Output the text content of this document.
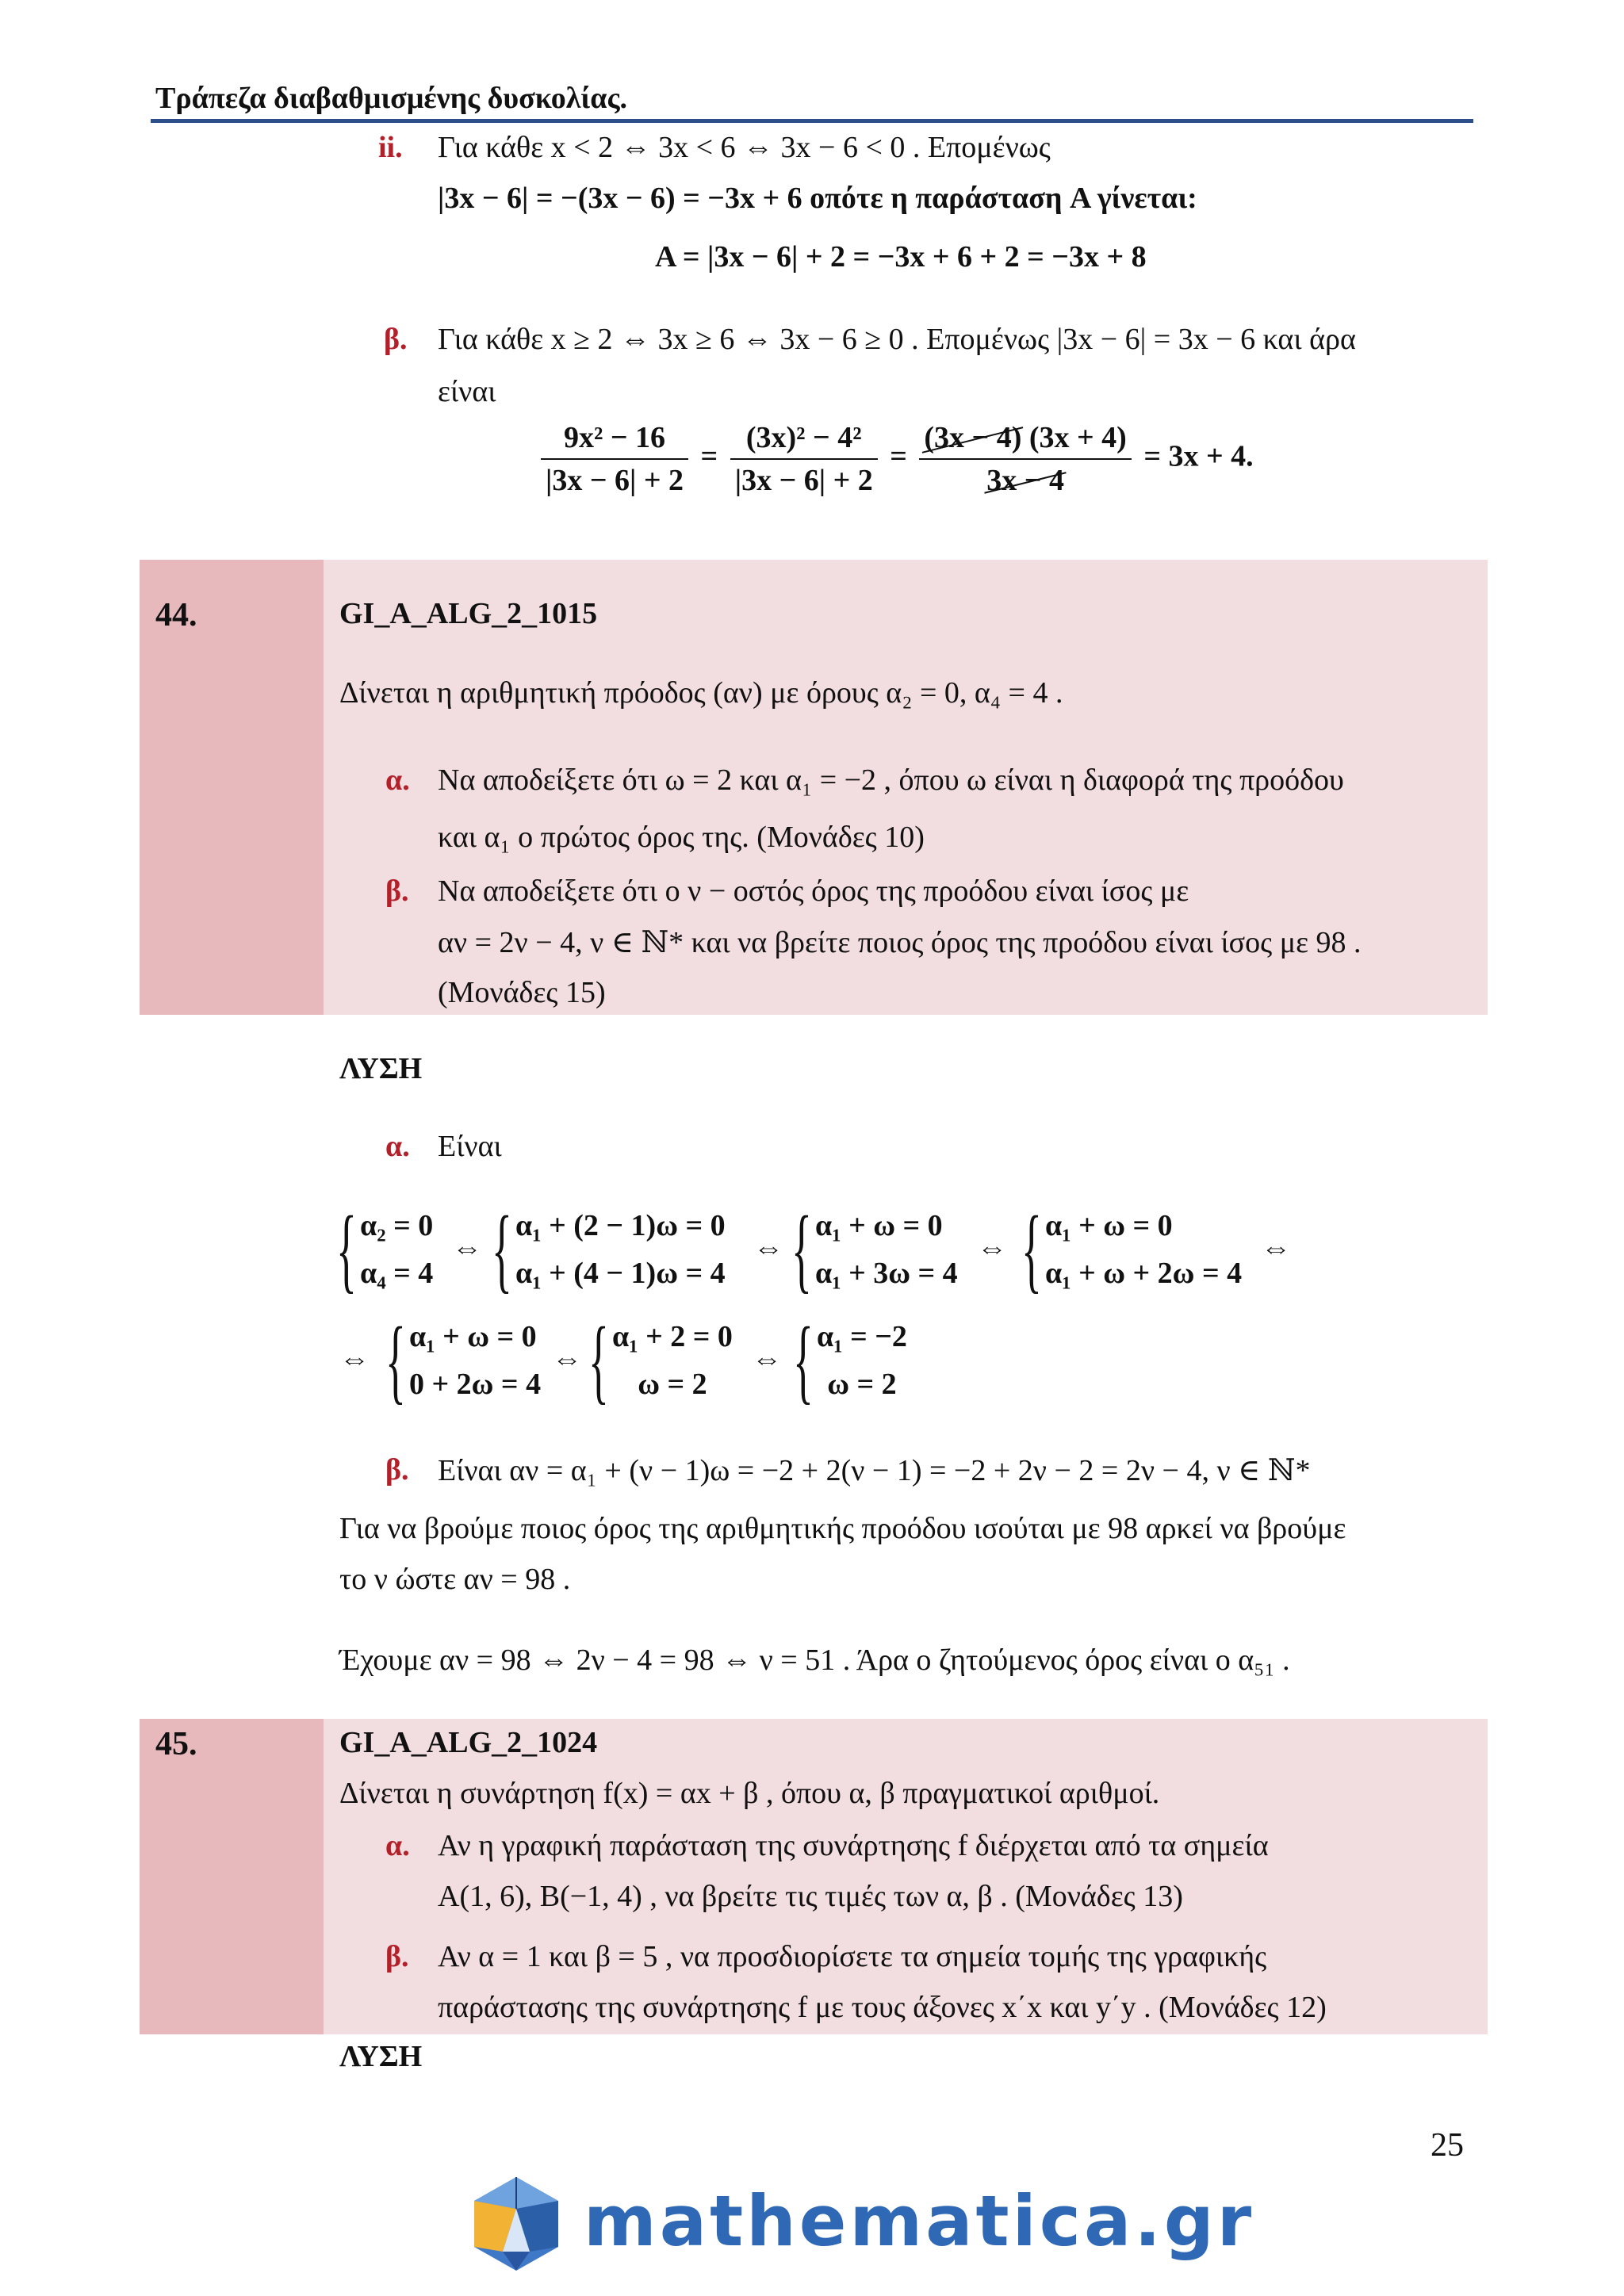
Τράπεζα διαβαθμισμένης δυσκολίας.
ii. Για κάθε x < 2 ⇔ 3x < 6 ⇔ 3x − 6 < 0 . Επομένως
|3x − 6| = −(3x − 6) = −3x + 6 οπότε η παράσταση A γίνεται:
A = |3x − 6| + 2 = −3x + 6 + 2 = −3x + 8
β. Για κάθε x ≥ 2 ⇔ 3x ≥ 6 ⇔ 3x − 6 ≥ 0 . Επομένως |3x − 6| = 3x − 6 και άρα
είναι
$\frac{\text{9x² − 16}}{|3x - 6| + 2} = \frac{\text{(3x)² − 4²}}{|3x - 6| + 2} = \frac{(3x - 4) (3x + 4)}{3x - 4} = 3x + 4$.
44.	GI_A_ALG_2_1015
Δίνεται η αριθμητική πρόοδος (αν) με όρους α₂ = 0, α₄ = 4 .
α. Να αποδείξετε ότι ω = 2 και α₁ = −2 , όπου ω είναι η διαφορά της προόδου
και α₁ ο πρώτος όρος της. (Μονάδες 10)
β. Να αποδείξετε ότι ο ν − οστός όρος της προόδου είναι ίσος με
αν = 2ν − 4, ν ∈ ℕ* και να βρείτε ποιος όρος της προόδου είναι ίσος με 98 .
(Μονάδες 15)
ΛΥΣΗ
α. Είναι
{ α₂ = 0
α₄ = 4
⇔ { α₁ + (2 − 1)ω = 0
α₁ + (4 − 1)ω = 4
⇔ { α₁ + ω = 0
α₁ + 3ω = 4
⇔ { α₁ + ω = 0
α₁ + ω + 2ω = 4
⇔
⇔ { α₁ + ω = 0
0 + 2ω = 4
⇔ { α₁ + 2 = 0
ω = 2
⇔ { α₁ = −2
ω = 2
β. Είναι αν = α₁ + (ν − 1)ω = −2 + 2(ν − 1) = −2 + 2ν − 2 = 2ν − 4, ν ∈ ℕ*
Για να βρούμε ποιος όρος της αριθμητικής προόδου ισούται με 98 αρκεί να βρούμε
το ν ώστε αν = 98 .
Έχουμε αν = 98 ⇔ 2ν − 4 = 98 ⇔ ν = 51 . Άρα ο ζητούμενος όρος είναι ο α₅₁ .
45.	GI_A_ALG_2_1024
Δίνεται η συνάρτηση f(x) = αx + β , όπου α, β πραγματικοί αριθμοί.
α. Αν η γραφική παράσταση της συνάρτησης f διέρχεται από τα σημεία
A(1, 6), B(−1, 4) , να βρείτε τις τιμές των α, β . (Μονάδες 13)
β. Αν α = 1 και β = 5 , να προσδιορίσετε τα σημεία τομής της γραφικής
παράστασης της συνάρτησης f με τους άξονες x΄x και y΄y . (Μονάδες 12)
ΛΥΣΗ
25
mathematica.gr
